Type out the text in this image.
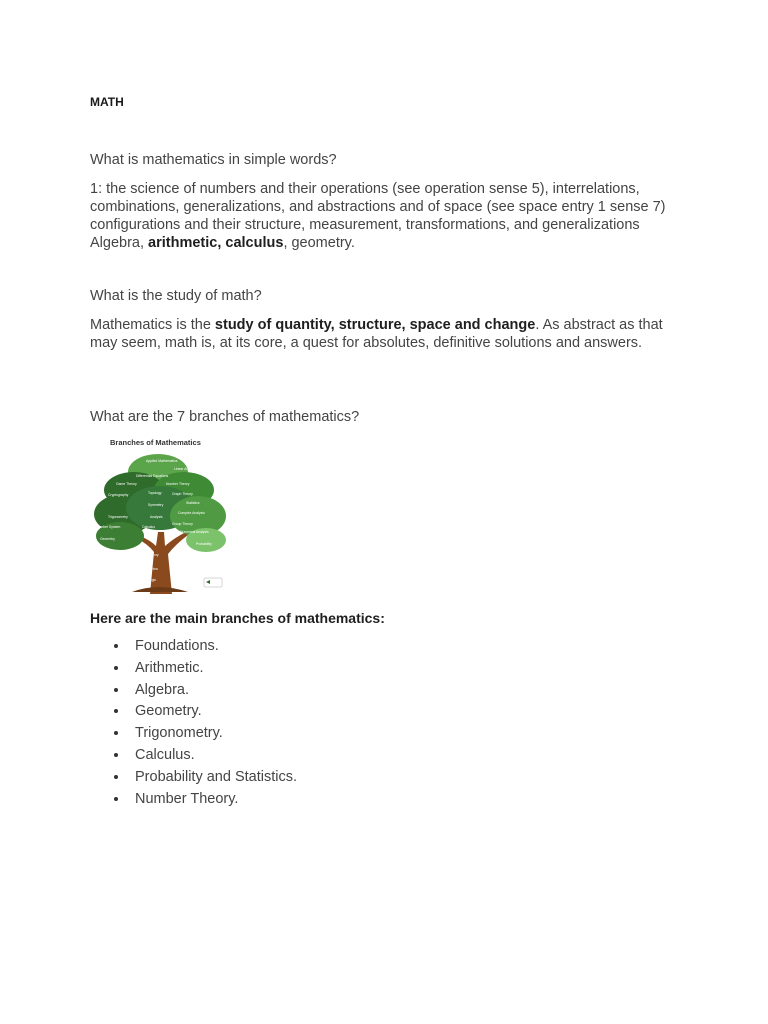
MATH

What is mathematics in simple words?

1: the science of numbers and their operations (see operation sense 5), interrelations, combinations, generalizations, and abstractions and of space (see space entry 1 sense 7) configurations and their structure, measurement, transformations, and generalizations Algebra, arithmetic, calculus, geometry.

What is the study of math?

Mathematics is the study of quantity, structure, space and change. As abstract as that may seem, math is, at its core, a quest for absolutes, definitive solutions and answers.

What are the 7 branches of mathematics?

Branches of Mathematics
Applied Mathematics
Linear Algebra
Differential Equations
Game Theory	Number Theory
Cryptography	Topology	Graph Theory
Statistics
Trigonometry
Symmetry
Analysis
Complex Analysis
Number System	Calculus
Group Theory
Numerical Analysis
Geometry
Probability
Set Theory
Algebra
Logic

Here are the main branches of mathematics:

Foundations.
Arithmetic.
Algebra.
Geometry.
Trigonometry.
Calculus.
Probability and Statistics.
Number Theory.
